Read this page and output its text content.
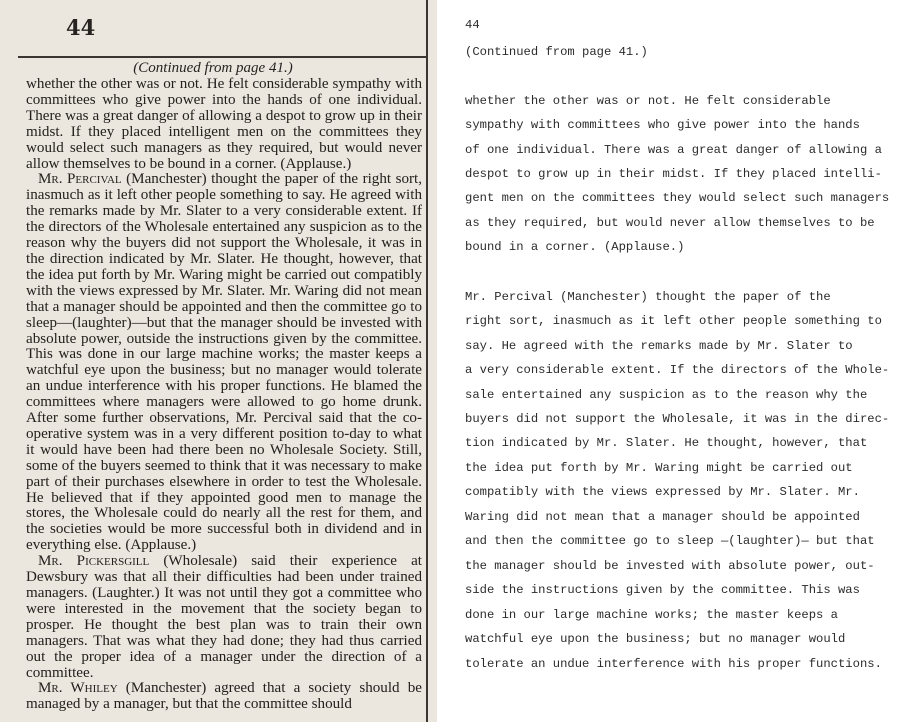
44
(Continued from page 41.)

whether the other was or not. He felt considerable sympathy with committees who give power into the hands of one individual. There was a great danger of allowing a despot to grow up in their midst. If they placed intelligent men on the committees they would select such managers as they required, but would never allow themselves to be bound in a corner. (Applause.)

Mr. Percival (Manchester) thought the paper of the right sort, inasmuch as it left other people something to say. He agreed with the remarks made by Mr. Slater to a very considerable extent. If the directors of the Wholesale entertained any suspicion as to the reason why the buyers did not support the Wholesale, it was in the direction indicated by Mr. Slater. He thought, however, that the idea put forth by Mr. Waring might be carried out compatibly with the views expressed by Mr. Slater. Mr. Waring did not mean that a manager should be appointed and then the committee go to sleep—(laughter)—but that the manager should be invested with absolute power, outside the instructions given by the committee. This was done in our large machine works; the master keeps a watchful eye upon the business; but no manager would tolerate an undue interference with his proper functions. He blamed the committees where managers were allowed to go home drunk. After some further observations, Mr. Percival said that the co-operative system was in a very different position to-day to what it would have been had there been no Wholesale Society. Still, some of the buyers seemed to think that it was necessary to make part of their purchases elsewhere in order to test the Wholesale. He believed that if they appointed good men to manage the stores, the Wholesale could do nearly all the rest for them, and the societies would be more successful both in dividend and in everything else. (Applause.)

Mr. Pickersgill (Wholesale) said their experience at Dewsbury was that all their difficulties had been under trained managers. (Laughter.) It was not until they got a committee who were interested in the movement that the society began to prosper. He thought the best plan was to train their own managers. That was what they had done; they had thus carried out the proper idea of a manager under the direction of a committee.

Mr. Whiley (Manchester) agreed that a society should be managed by a manager, but that the committee should

44

(Continued from page 41.)

whether the other was or not. He felt considerable

sympathy with committees who give power into the hands

of one individual. There was a great danger of allowing a

despot to grow up in their midst. If they placed intelli-

gent men on the committees they would select such managers

as they required, but would never allow themselves to be

bound in a corner. (Applause.)

Mr. Percival (Manchester) thought the paper of the

right sort, inasmuch as it left other people something to

say. He agreed with the remarks made by Mr. Slater to

a very considerable extent. If the directors of the Whole-

sale entertained any suspicion as to the reason why the

buyers did not support the Wholesale, it was in the direc-

tion indicated by Mr. Slater. He thought, however, that

the idea put forth by Mr. Waring might be carried out

compatibly with the views expressed by Mr. Slater. Mr.

Waring did not mean that a manager should be appointed

and then the committee go to sleep —(laughter)— but that

the manager should be invested with absolute power, out-

side the instructions given by the committee. This was

done in our large machine works; the master keeps a

watchful eye upon the business; but no manager would

tolerate an undue interference with his proper functions.
